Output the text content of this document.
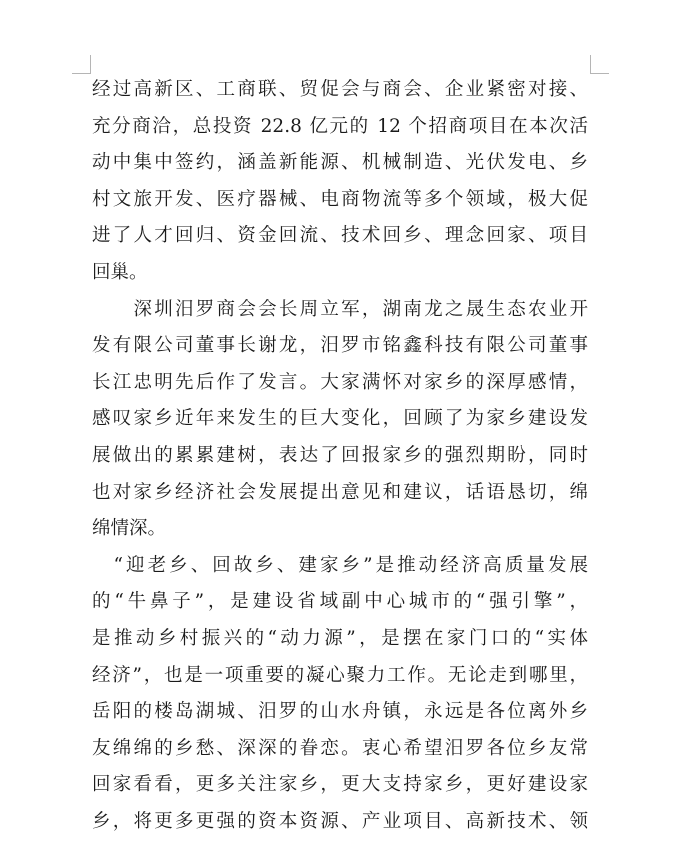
经过高新区、工商联、贸促会与商会、企业紧密对接、
充分商洽，总投资 22.8 亿元的 12 个招商项目在本次活
动中集中签约，涵盖新能源、机械制造、光伏发电、乡
村文旅开发、医疗器械、电商物流等多个领域，极大促
进了人才回归、资金回流、技术回乡、理念回家、项目
回巢。
　　深圳汨罗商会会长周立军，湖南龙之晟生态农业开
发有限公司董事长谢龙，汨罗市铭鑫科技有限公司董事
长江忠明先后作了发言。大家满怀对家乡的深厚感情，
感叹家乡近年来发生的巨大变化，回顾了为家乡建设发
展做出的累累建树，表达了回报家乡的强烈期盼，同时
也对家乡经济社会发展提出意见和建议，话语恳切，绵
绵情深。
　“迎老乡、回故乡、建家乡”是推动经济高质量发展
的“牛鼻子”，是建设省域副中心城市的“强引擎”，
是推动乡村振兴的“动力源”，是摆在家门口的“实体
经济”，也是一项重要的凝心聚力工作。无论走到哪里，
岳阳的楼岛湖城、汨罗的山水舟镇，永远是各位离外乡
友绵绵的乡愁、深深的眷恋。衷心希望汨罗各位乡友常
回家看看，更多关注家乡，更大支持家乡，更好建设家
乡，将更多更强的资本资源、产业项目、高新技术、领
